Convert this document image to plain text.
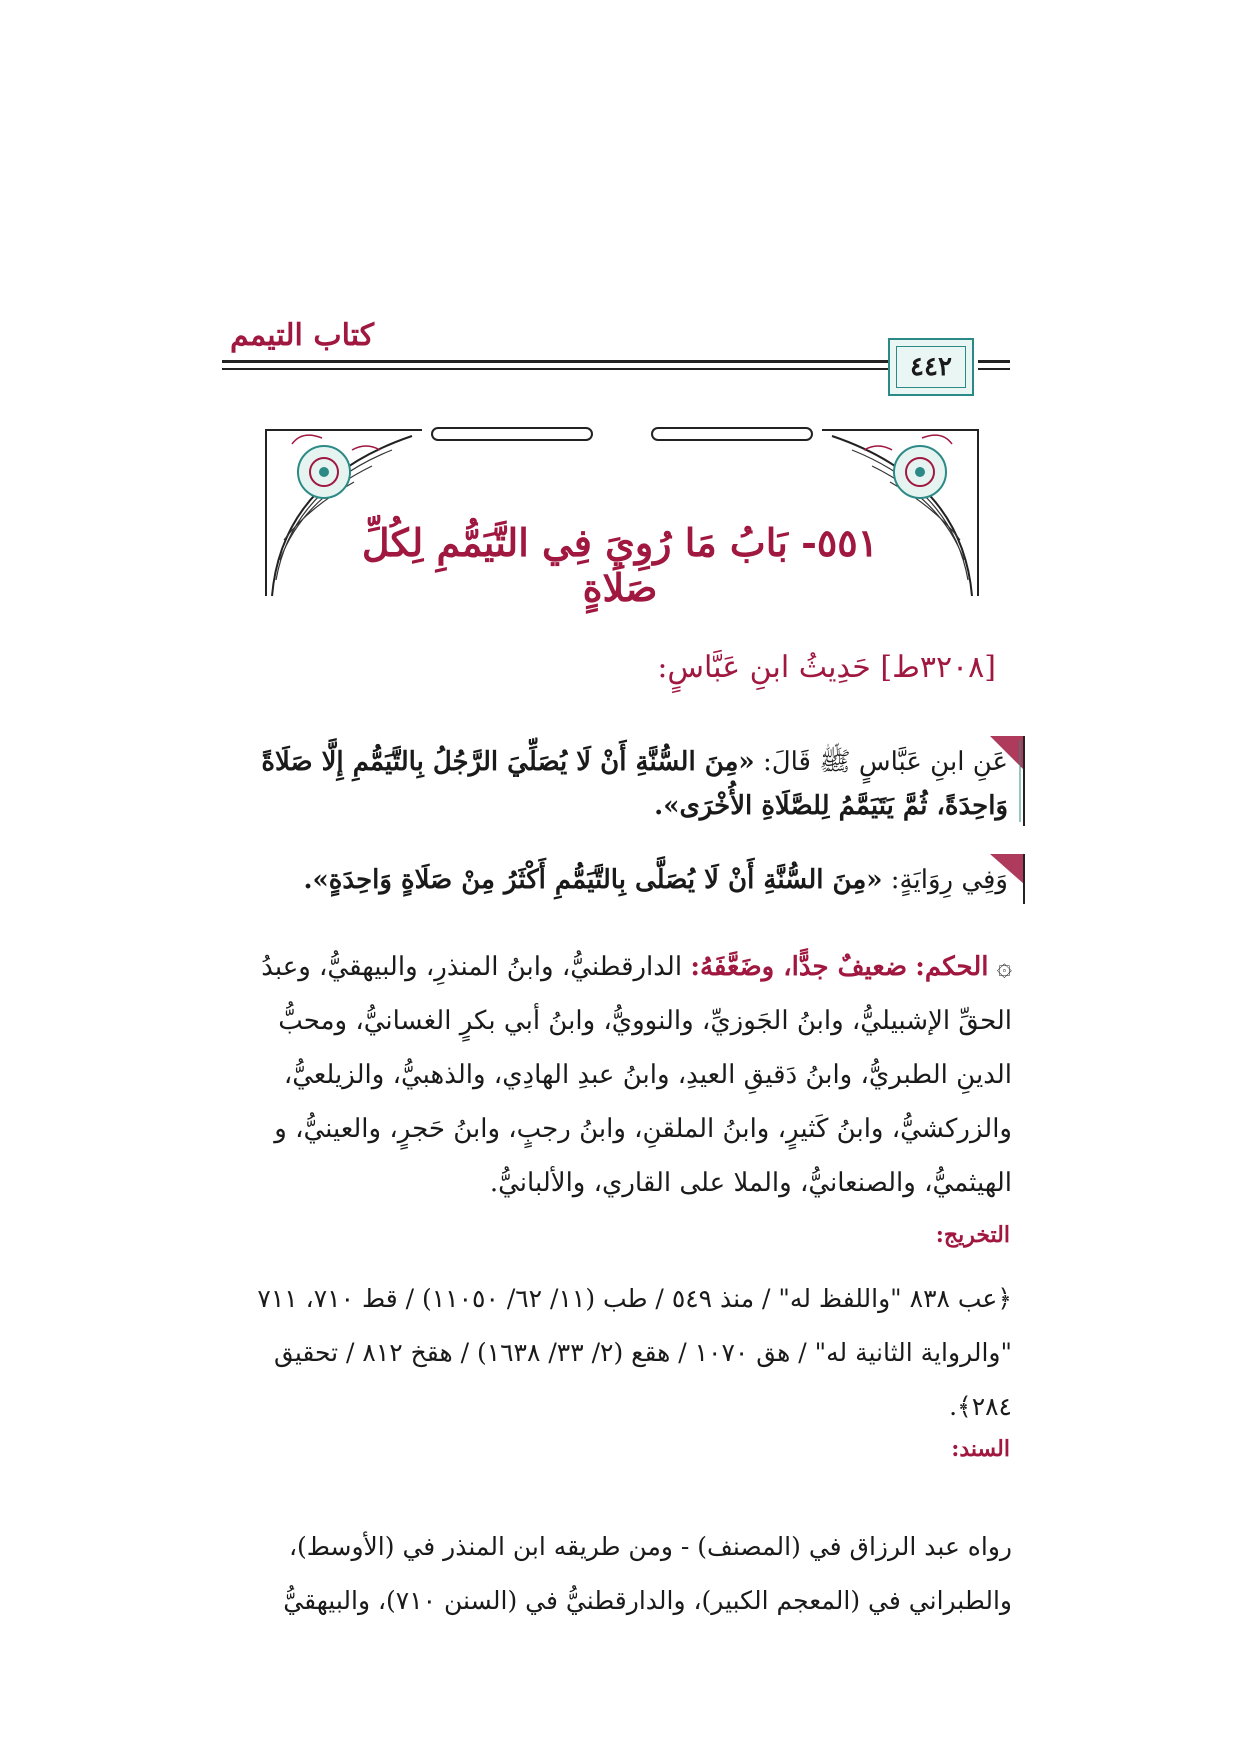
كتاب التيمم
٤٤٢
٥٥١- بَابُ مَا رُوِيَ فِي التَّيَمُّمِ لِكُلِّ صَلَاةٍ
[٣٢٠٨ط] حَدِيثُ ابنِ عَبَّاسٍ:
عَنِ ابنِ عَبَّاسٍ ﷺ قَالَ: «مِنَ السُّنَّةِ أَنْ لَا يُصَلِّيَ الرَّجُلُ بِالتَّيَمُّمِ إِلَّا صَلَاةً وَاحِدَةً، ثُمَّ يَتَيَمَّمُ لِلصَّلَاةِ الأُخْرَى».
وَفِي رِوَايَةٍ: «مِنَ السُّنَّةِ أَنْ لَا يُصَلَّى بِالتَّيَمُّمِ أَكْثَرُ مِنْ صَلَاةٍ وَاحِدَةٍ».
۞ الحكم: ضعيفٌ جدًّا، وضَعَّفَهُ: الدارقطنيُّ، وابنُ المنذرِ، والبيهقيُّ، وعبدُ الحقِّ الإشبيليُّ، وابنُ الجَوزيِّ، والنوويُّ، وابنُ أبي بكرٍ الغسانيُّ، ومحبُّ الدينِ الطبريُّ، وابنُ دَقيقِ العيدِ، وابنُ عبدِ الهادِي، والذهبيُّ، والزيلعيُّ، والزركشيُّ، وابنُ كَثيرٍ، وابنُ الملقنِ، وابنُ رجبٍ، وابنُ حَجرٍ، والعينيُّ، و الهيثميُّ، والصنعانيُّ، والملا على القاري، والألبانيُّ.
التخريج:
﴿عب ٨٣٨ "واللفظ له" / منذ ٥٤٩ / طب (١١/ ٦٢/ ١١٠٥٠) / قط ٧١٠، ٧١١ "والرواية الثانية له" / هق ١٠٧٠ / هقع (٢/ ٣٣/ ١٦٣٨) / هقخ ٨١٢ / تحقيق ٢٨٤﴾.
السند:
رواه عبد الرزاق في (المصنف) - ومن طريقه ابن المنذر في (الأوسط)، والطبراني في (المعجم الكبير)، والدارقطنيُّ في (السنن ٧١٠)، والبيهقيُّ
